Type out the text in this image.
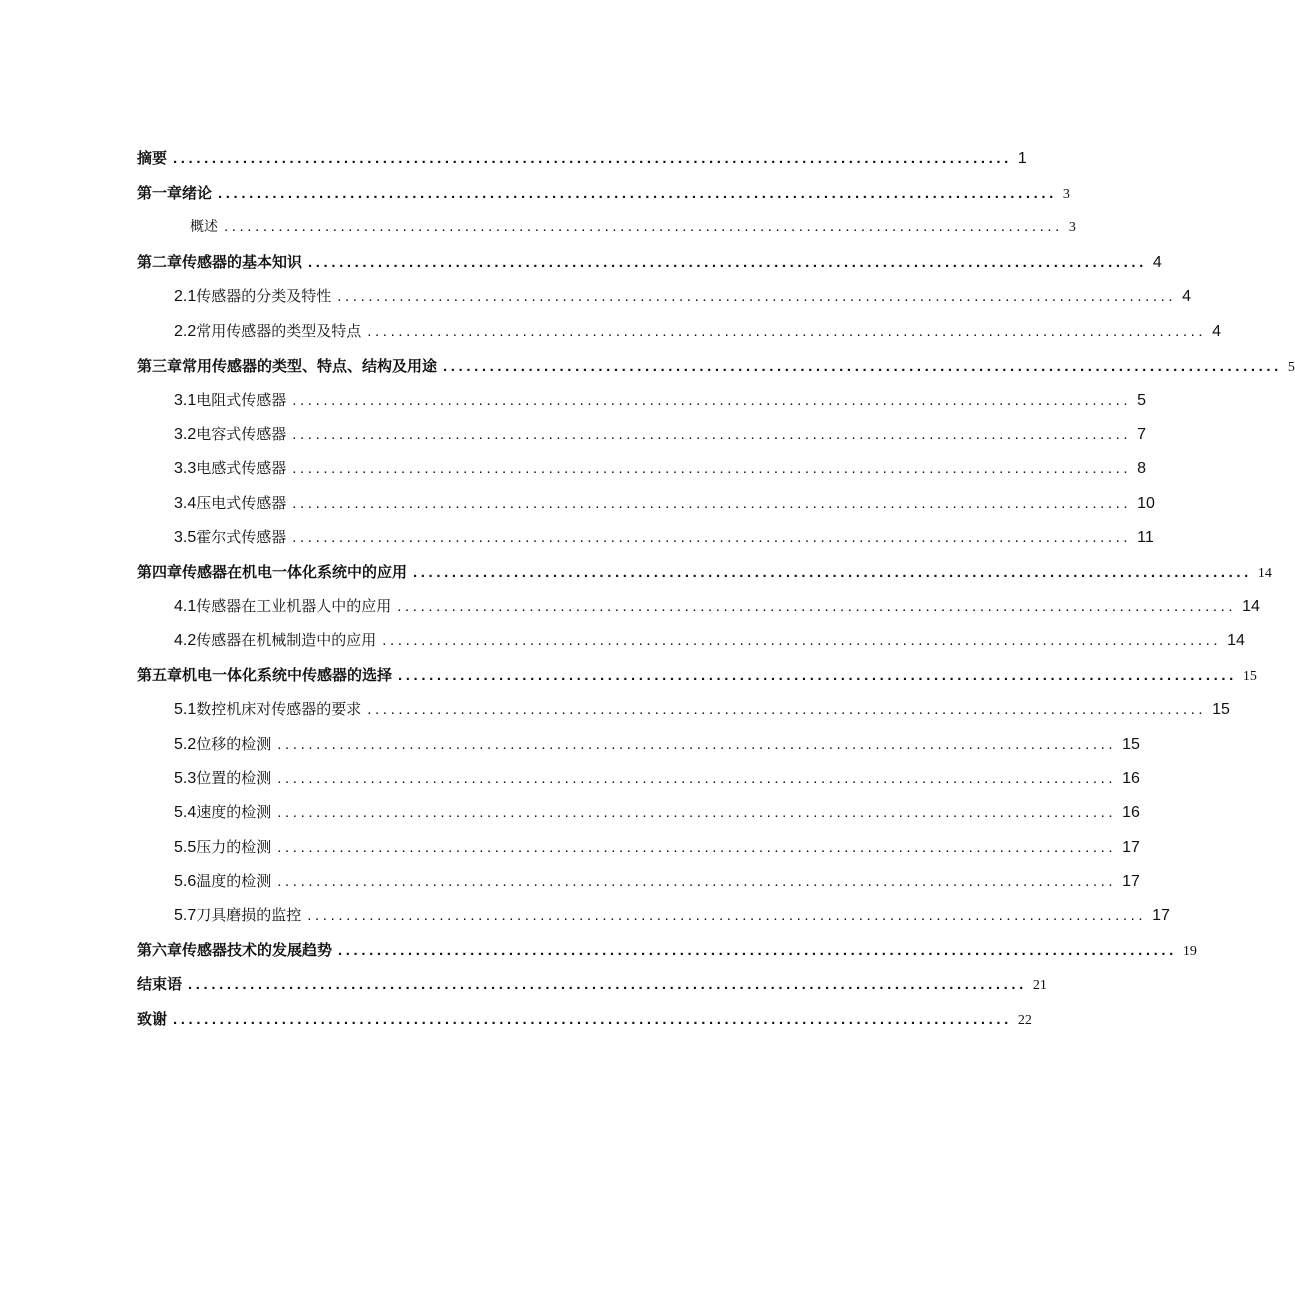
摘要 ............................................................................................................ 1
第一章绪论 ............................................................................................................ 3
概述 ............................................................................................................ 3
第二章传感器的基本知识 ............................................................................................................ 4
2.1 传感器的分类及特性 ............................................................................................................ 4
2.2 常用传感器的类型及特点 ............................................................................................................ 4
第三章常用传感器的类型、特点、结构及用途 ............................................................................................................ 5
3.1 电阻式传感器 ............................................................................................................ 5
3.2 电容式传感器 ............................................................................................................ 7
3.3 电感式传感器 ............................................................................................................ 8
3.4 压电式传感器 ............................................................................................................ 10
3.5 霍尔式传感器 ............................................................................................................ 11
第四章传感器在机电一体化系统中的应用 ............................................................................................................ 14
4.1 传感器在工业机器人中的应用 ............................................................................................................ 14
4.2 传感器在机械制造中的应用 ............................................................................................................ 14
第五章机电一体化系统中传感器的选择 ............................................................................................................ 15
5.1 数控机床对传感器的要求 ............................................................................................................ 15
5.2 位移的检测 ............................................................................................................ 15
5.3 位置的检测 ............................................................................................................ 16
5.4 速度的检测 ............................................................................................................ 16
5.5 压力的检测 ............................................................................................................ 17
5.6 温度的检测 ............................................................................................................ 17
5.7 刀具磨损的监控 ............................................................................................................ 17
第六章传感器技术的发展趋势 ............................................................................................................ 19
结束语 ............................................................................................................ 21
致谢 ............................................................................................................ 22
